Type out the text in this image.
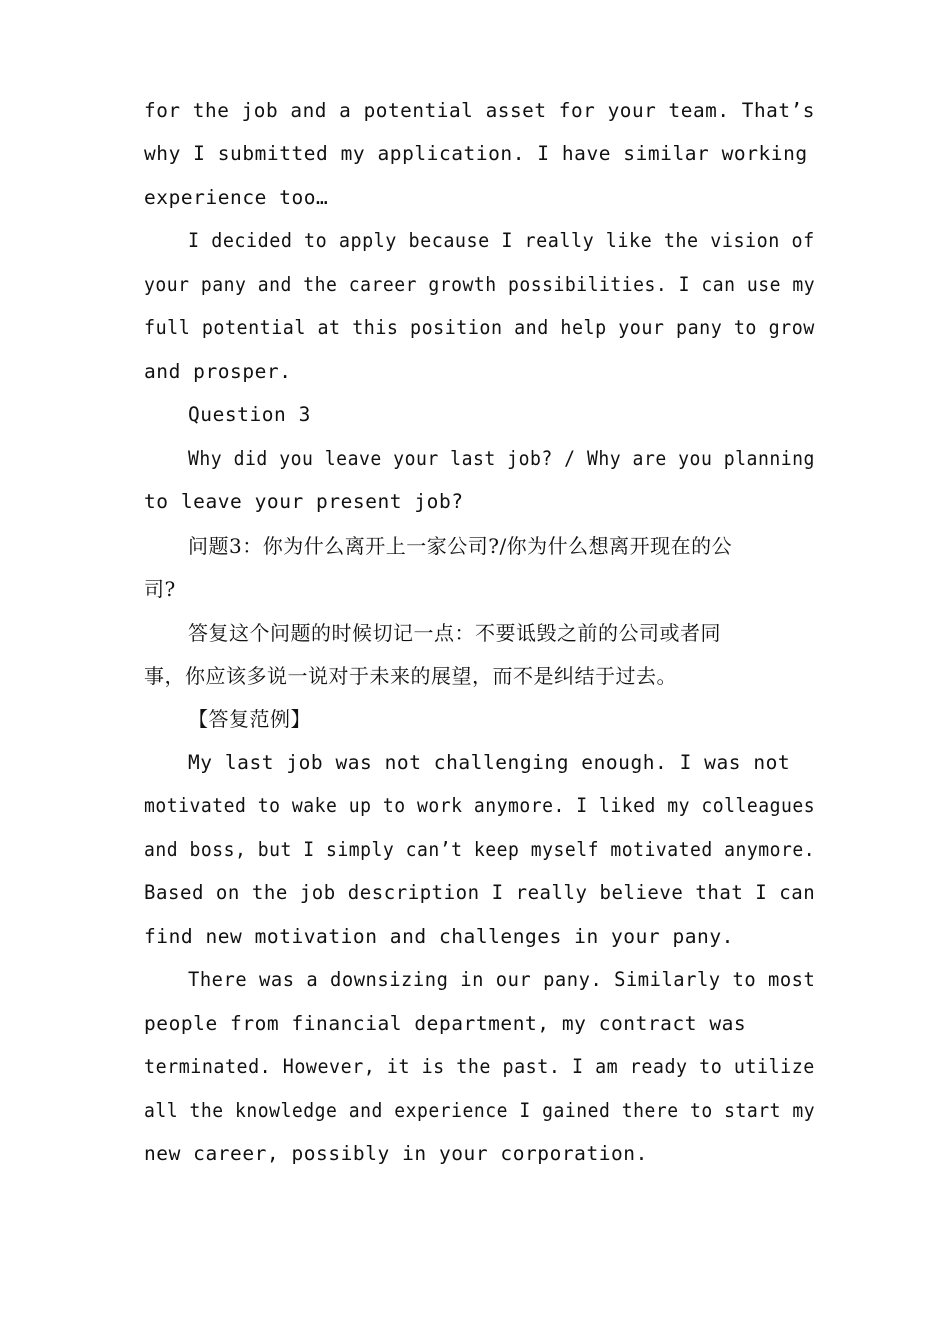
for the job and a potential asset for your team. That’s
why I submitted my application. I have similar working
experience too…
I decided to apply because I really like the vision of
your pany and the career growth possibilities. I can use my
full potential at this position and help your pany to grow
and prosper.
Question 3
Why did you leave your last job? / Why are you planning
to leave your present job?
问题3：你为什么离开上一家公司?/你为什么想离开现在的公
司?
答复这个问题的时候切记一点：不要诋毁之前的公司或者同
事，你应该多说一说对于未来的展望，而不是纠结于过去。
【答复范例】
My last job was not challenging enough. I was not
motivated to wake up to work anymore. I liked my colleagues
and boss, but I simply can’t keep myself motivated anymore.
Based on the job description I really believe that I can
find new motivation and challenges in your pany.
There was a downsizing in our pany. Similarly to most
people from financial department, my contract was
terminated. However, it is the past. I am ready to utilize
all the knowledge and experience I gained there to start my
new career, possibly in your corporation.
